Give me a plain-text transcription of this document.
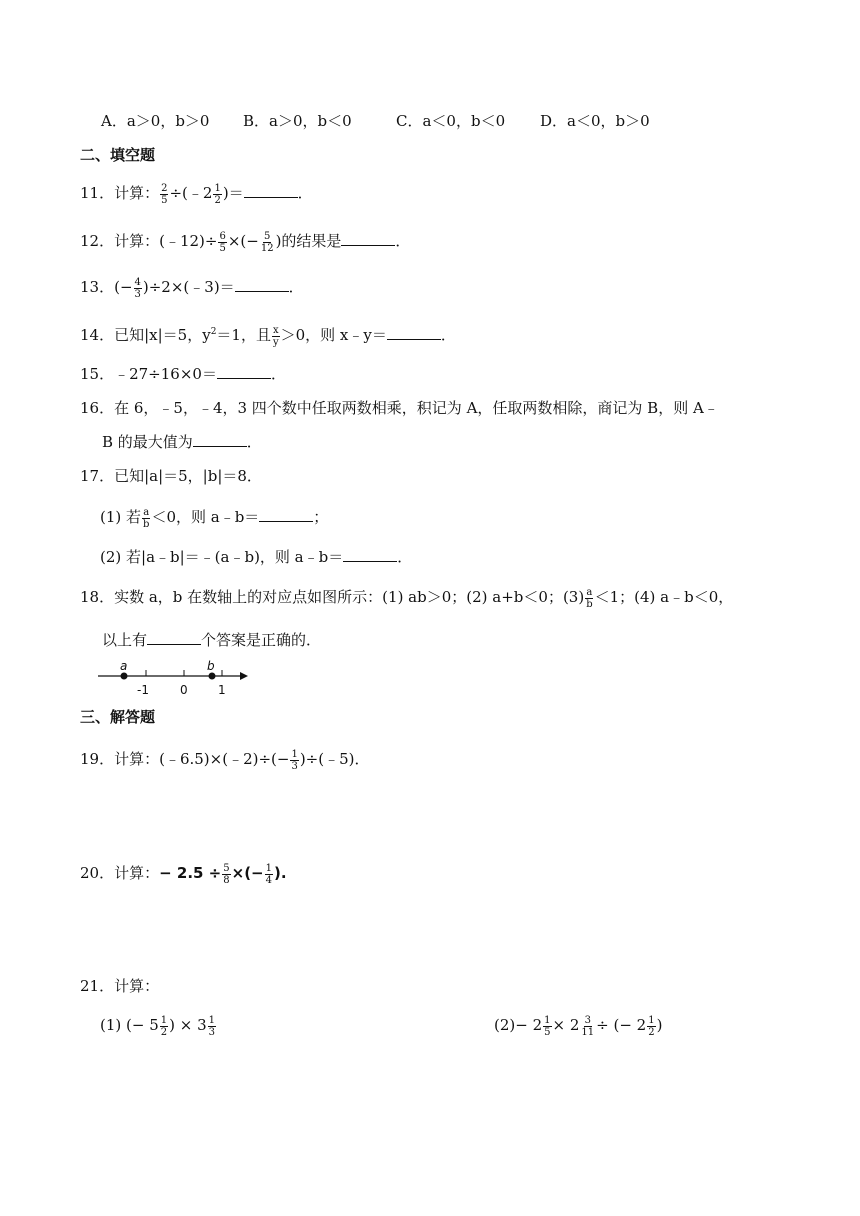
A．a＞0，b＞0 B．a＞0，b＜0	C．a＜0，b＜0 D．a＜0，b＞0
二、填空题
11．计算： $\frac{2}{5}$ ÷(﹣2 $\frac{1}{2}$ )＝	．
12．计算：(﹣12)÷ $\frac{6}{5}$ ×(− $\frac{5}{12}$ )的结果是	．
13．(− $\frac{4}{3}$ )÷2×(﹣3)＝	．
14．已知|x|＝5，$y^2=1$，且 $\frac{x}{y} >0$，则 x﹣y＝	．
15．﹣27÷16×0＝	．
16．在 6，﹣5，﹣4，3 四个数中任取两数相乘，积记为 A，任取两数相除，商记为 B，则 A﹣
B 的最大值为	．
17．已知|a|＝5，|b|＝8．
(1) 若 $\frac{a}{b} <0$，则 a﹣b＝	；
(2) 若|a﹣b|＝﹣(a﹣b)，则 a﹣b＝	．
18．实数 a，b 在数轴上的对应点如图所示：(1) ab＞0；(2) a+b＜0；$(3) \frac{a}{b} <1$；(4) a﹣b＜0，
以上有	个答案是正确的．
a	b
-1	0	1
三、解答题
19．计算：(﹣6.5)×(﹣2)÷(− $\frac{1}{3}$ )÷(﹣5)．
20．计算：− $2.5 \div \frac{5}{8}$ ×(− $\frac{1}{4}$ ).
21．计算：
(1) (− $5 \frac{1}{2}$ ) × $3 \frac{1}{3}$	$(2)- 2 \frac{1}{5} \times 2 \frac{3}{11}$ ÷ (− $2 \frac{1}{2}$ )
